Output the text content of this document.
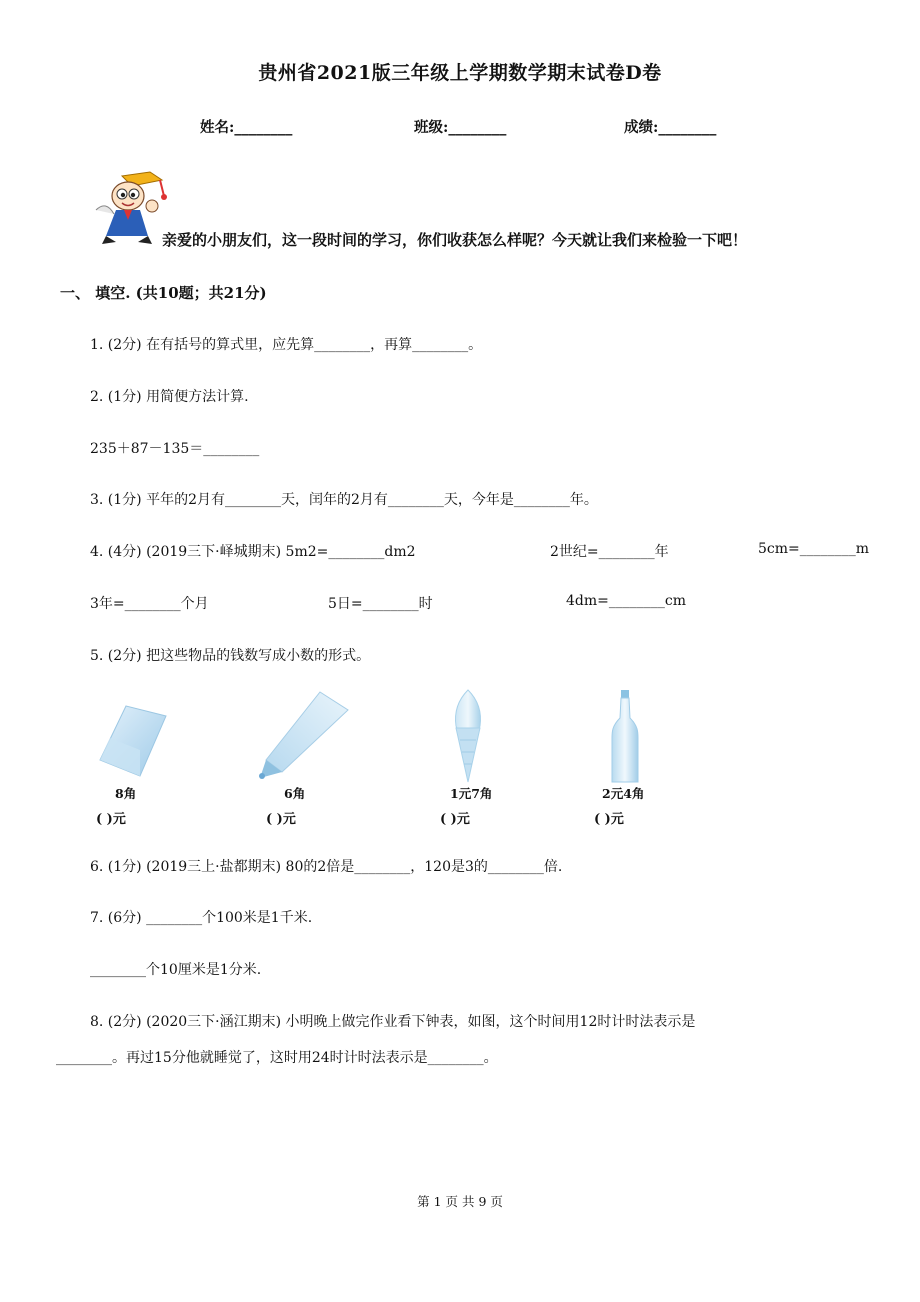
贵州省2021版三年级上学期数学期末试卷D卷
姓名:________	班级:________	成绩:________
亲爱的小朋友们，这一段时间的学习，你们收获怎么样呢？今天就让我们来检验一下吧！
一、 填空. (共10题；共21分)
1. (2分) 在有括号的算式里，应先算________，再算________。
2. (1分) 用简便方法计算.
235＋87－135＝________
3. (1分) 平年的2月有________天，闰年的2月有________天，今年是________年。
4. (4分) (2019三下·峄城期末) 5m2=________dm2	2世纪=________年	5cm=________m
3年=________个月	5日=________时	4dm=________cm
5. (2分) 把这些物品的钱数写成小数的形式。
8角
( )元
6角
( )元
1元7角
( )元
2元4角
( )元
6. (1分) (2019三上·盐都期末) 80的2倍是________，120是3的________倍.
7. (6分) ________个100米是1千米.
________个10厘米是1分米.
8. (2分) (2020三下·涵江期末) 小明晚上做完作业看下钟表，如图，这个时间用12时计时法表示是
________。再过15分他就睡觉了，这时用24时计时法表示是________。
第 1 页 共 9 页
